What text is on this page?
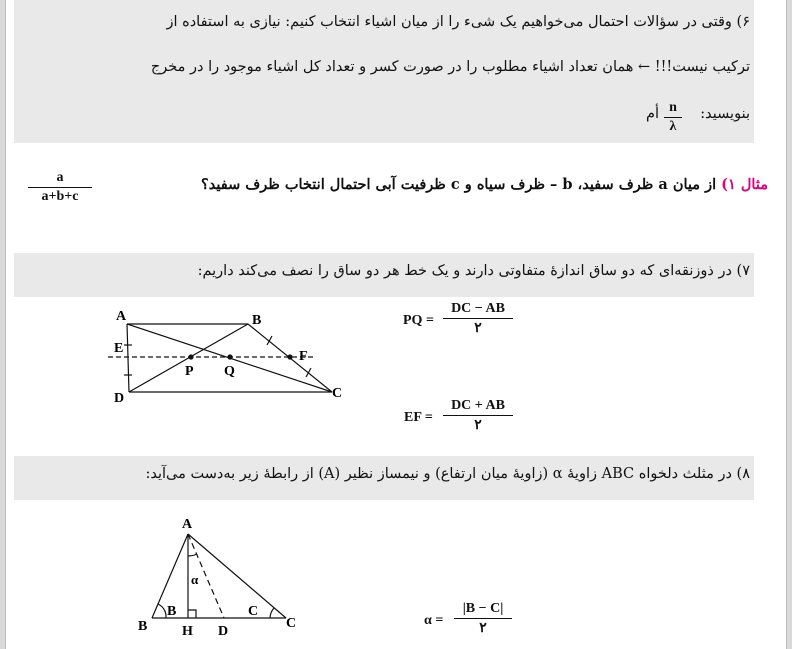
۶) وقتی در سؤالات احتمال می‌خواهیم یک شیء را از میان اشیاء انتخاب کنیم: نیازی به استفاده از
ترکیب نیست!!! ← همان تعداد اشیاء مطلوب را در صورت کسر و تعداد کل اشیاء موجود را در مخرج
بنویسید:
n
λ
أم
مثال ۱) از میان a ظرف سفید، b – ظرف سیاه و c ظرفیت آبی احتمال انتخاب ظرف سفید؟
a
a+b+c
۷) در ذوزنقه‌ای که دو ساق اندازهٔ متفاوتی دارند و یک خط هر دو ساق را نصف می‌کند داریم:
A	B
C
D
E
F
P Q
PQ =
DC − AB
۲
EF =
DC + AB
۲
۸) در مثلث دلخواه ABC زاویهٔ α (زاویهٔ میان ارتفاع) و نیمساز نظیر (A) از رابطهٔ زیر به‌دست می‌آید:
A
B	C
H D
α
B	C
α =
|B − C|
۲
